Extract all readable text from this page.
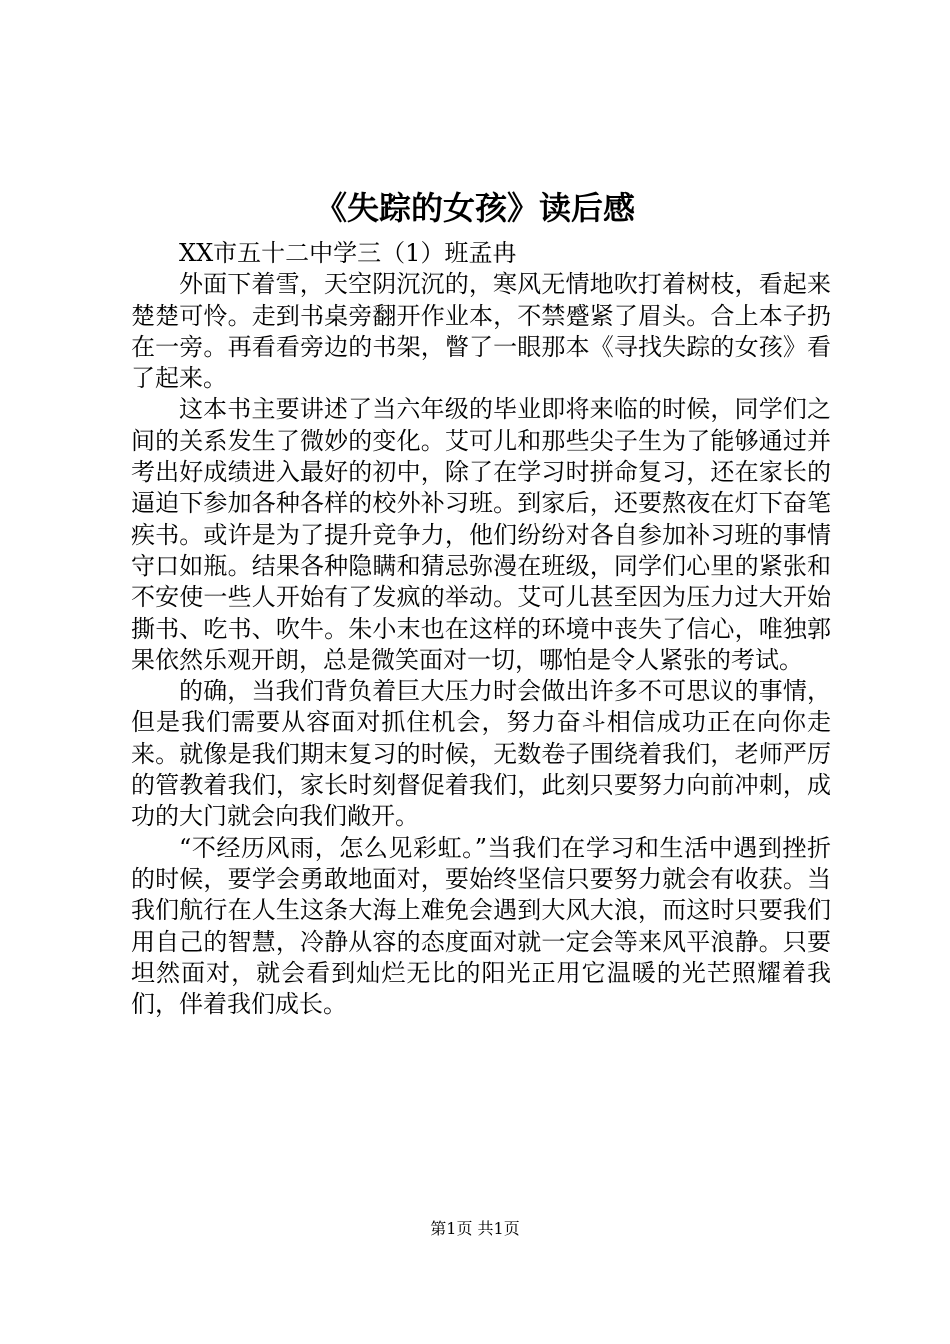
《失踪的女孩》读后感
XX市五十二中学三（1）班孟冉

外面下着雪，天空阴沉沉的，寒风无情地吹打着树枝，看起来楚楚可怜。走到书桌旁翻开作业本，不禁蹙紧了眉头。合上本子扔在一旁。再看看旁边的书架，瞥了一眼那本《寻找失踪的女孩》看了起来。

这本书主要讲述了当六年级的毕业即将来临的时候，同学们之间的关系发生了微妙的变化。艾可儿和那些尖子生为了能够通过并考出好成绩进入最好的初中，除了在学习时拼命复习，还在家长的逼迫下参加各种各样的校外补习班。到家后，还要熬夜在灯下奋笔疾书。或许是为了提升竞争力，他们纷纷对各自参加补习班的事情守口如瓶。结果各种隐瞒和猜忌弥漫在班级，同学们心里的紧张和不安使一些人开始有了发疯的举动。艾可儿甚至因为压力过大开始撕书、吃书、吹牛。朱小末也在这样的环境中丧失了信心，唯独郭果依然乐观开朗，总是微笑面对一切，哪怕是令人紧张的考试。

的确，当我们背负着巨大压力时会做出许多不可思议的事情，但是我们需要从容面对抓住机会，努力奋斗相信成功正在向你走来。就像是我们期末复习的时候，无数卷子围绕着我们，老师严厉的管教着我们，家长时刻督促着我们，此刻只要努力向前冲刺，成功的大门就会向我们敞开。

“不经历风雨，怎么见彩虹。”当我们在学习和生活中遇到挫折的时候，要学会勇敢地面对，要始终坚信只要努力就会有收获。当我们航行在人生这条大海上难免会遇到大风大浪，而这时只要我们用自己的智慧，冷静从容的态度面对就一定会等来风平浪静。只要坦然面对，就会看到灿烂无比的阳光正用它温暖的光芒照耀着我们，伴着我们成长。

第1页 共1页
